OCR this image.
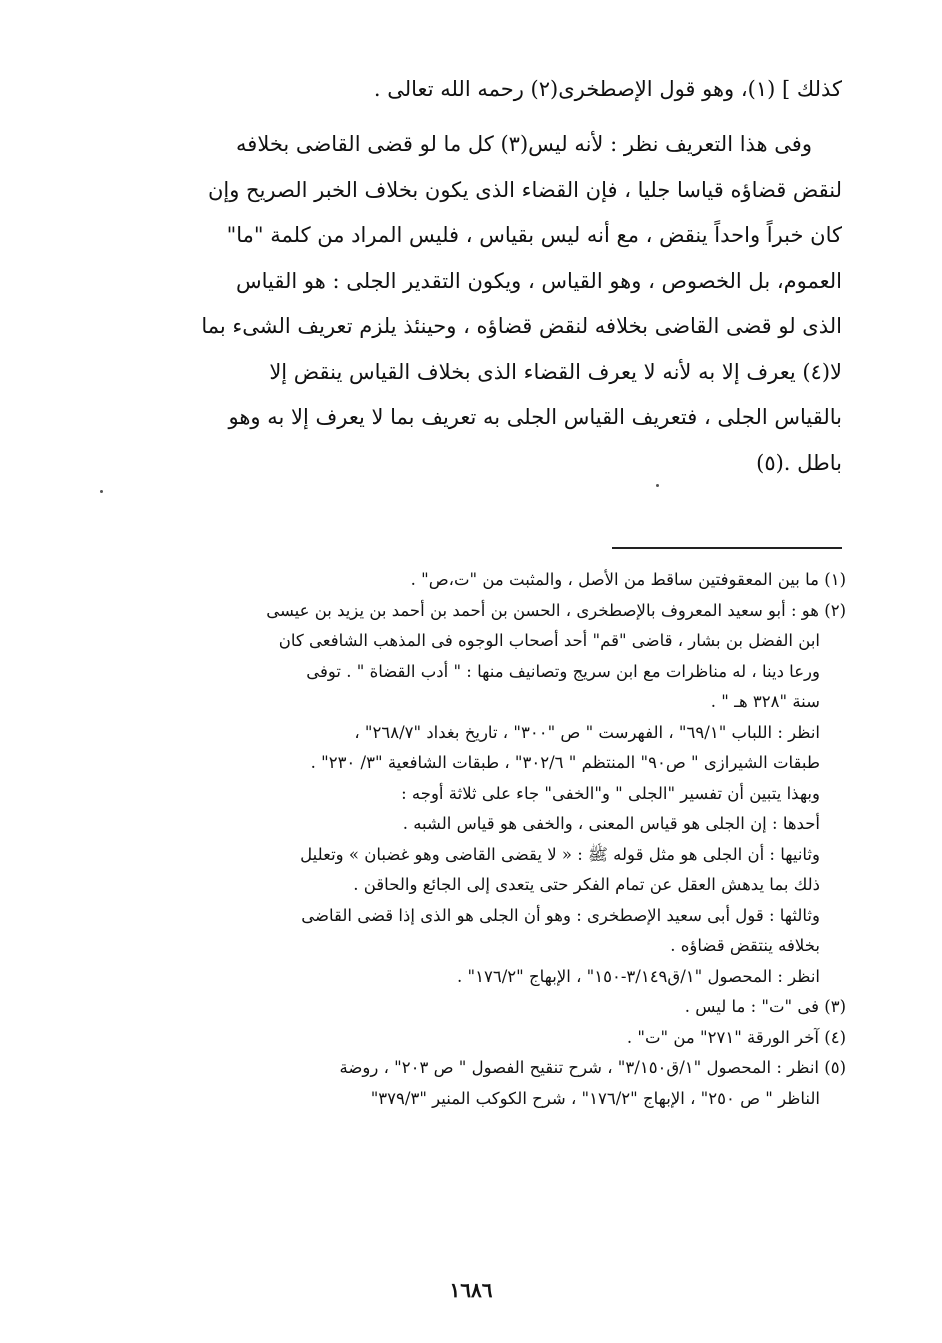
كذلك ] (١)، وهو قول الإصطخرى(٢) رحمه الله تعالى .

وفى هذا التعريف نظر : لأنه ليس(٣) كل ما لو قضى القاضى بخلافه

لنقض قضاؤه قياسا جليا ، فإن القضاء الذى يكون بخلاف الخبر الصريح وإن

كان خبراً واحداً ينقض ، مع أنه ليس بقياس ، فليس المراد من كلمة "ما"

العموم، بل الخصوص ، وهو القياس ، ويكون التقدير الجلى : هو القياس

الذى لو قضى القاضى بخلافه لنقض قضاؤه ، وحينئذ يلزم تعريف الشىء بما

لا(٤) يعرف إلا به لأنه لا يعرف القضاء الذى بخلاف القياس ينقض إلا

بالقياس الجلى ، فتعريف القياس الجلى به تعريف بما لا يعرف إلا به وهو

باطل .(٥)

(١) ما بين المعقوفتين ساقط من الأصل ، والمثبت من "ت،ص" .

(٢) هو : أبو سعيد المعروف بالإصطخرى ، الحسن بن أحمد بن أحمد بن يزيد بن عيسى

ابن الفضل بن بشار ، قاضى "قم" أحد أصحاب الوجوه فى المذهب الشافعى كان

ورعا دينا ، له مناظرات مع ابن سريج وتصانيف منها : " أدب القضاة " . توفى

سنة "٣٢٨ هـ " .

انظر : اللباب "٦٩/١" ، الفهرست " ص "٣٠٠" ، تاريخ بغداد "٢٦٨/٧" ،

طبقات الشيرازى " ص٩٠" المنتظم " ٣٠٢/٦" ، طبقات الشافعية "٣/ ٢٣٠" .

وبهذا يتبين أن تفسير "الجلى " و"الخفى" جاء على ثلاثة أوجه :

أحدها : إن الجلى هو قياس المعنى ، والخفى هو قياس الشبه .

وثانيها : أن الجلى هو مثل قوله ﷺ : « لا يقضى القاضى وهو غضبان » وتعليل

ذلك بما يدهش العقل عن تمام الفكر حتى يتعدى إلى الجائع والحاقن .

وثالثها : قول أبى سعيد الإصطخرى : وهو أن الجلى هو الذى إذا قضى القاضى

بخلافه ينتقض قضاؤه .

انظر : المحصول "١/ق٣/١٤٩-١٥٠" ، الإبهاج "١٧٦/٢" .

(٣) فى "ت" : ما ليس .

(٤) آخر الورقة "٢٧١" من "ت" .

(٥) انظر : المحصول "١/ق٣/١٥٠" ، شرح تنقيح الفصول " ص ٢٠٣" ، روضة

الناظر " ص ٢٥٠" ، الإبهاج "١٧٦/٢" ، شرح الكوكب المنير "٣٧٩/٣"

١٦٨٦
